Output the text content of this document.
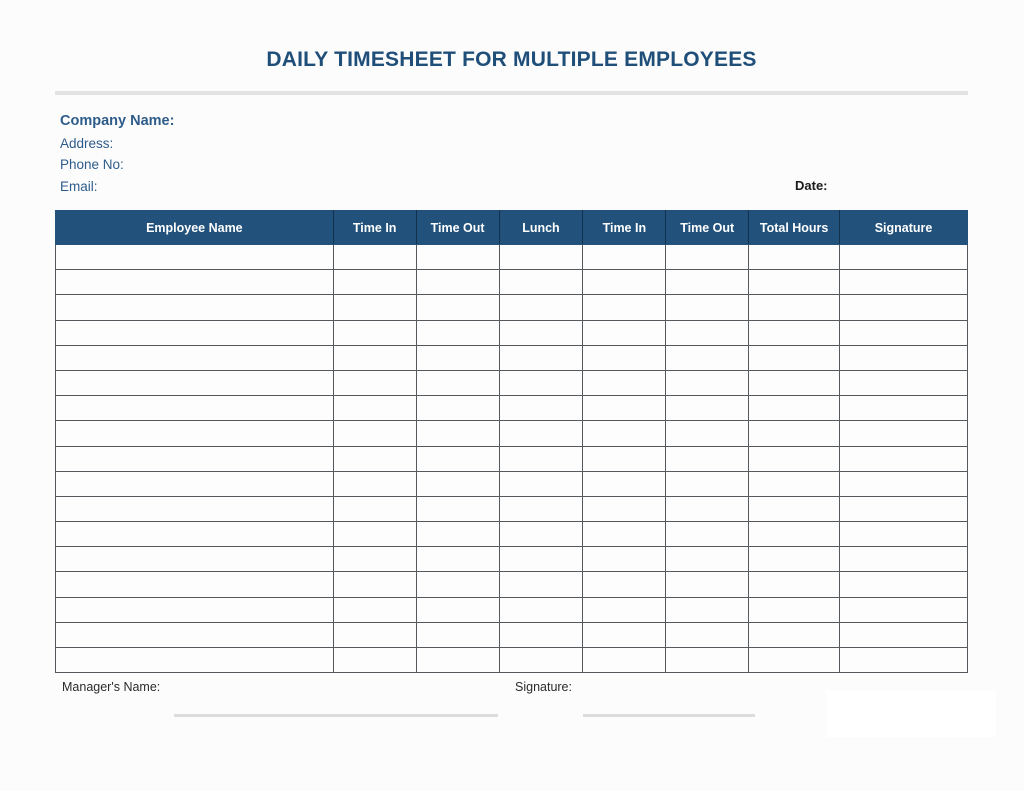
DAILY TIMESHEET FOR MULTIPLE EMPLOYEES
Company Name:
Address:
Phone No:
Email:	Date:
Employee Name	Time In	Time Out	Lunch	Time In	Time Out	Total Hours	Signature

Manager's Name:	Signature:
